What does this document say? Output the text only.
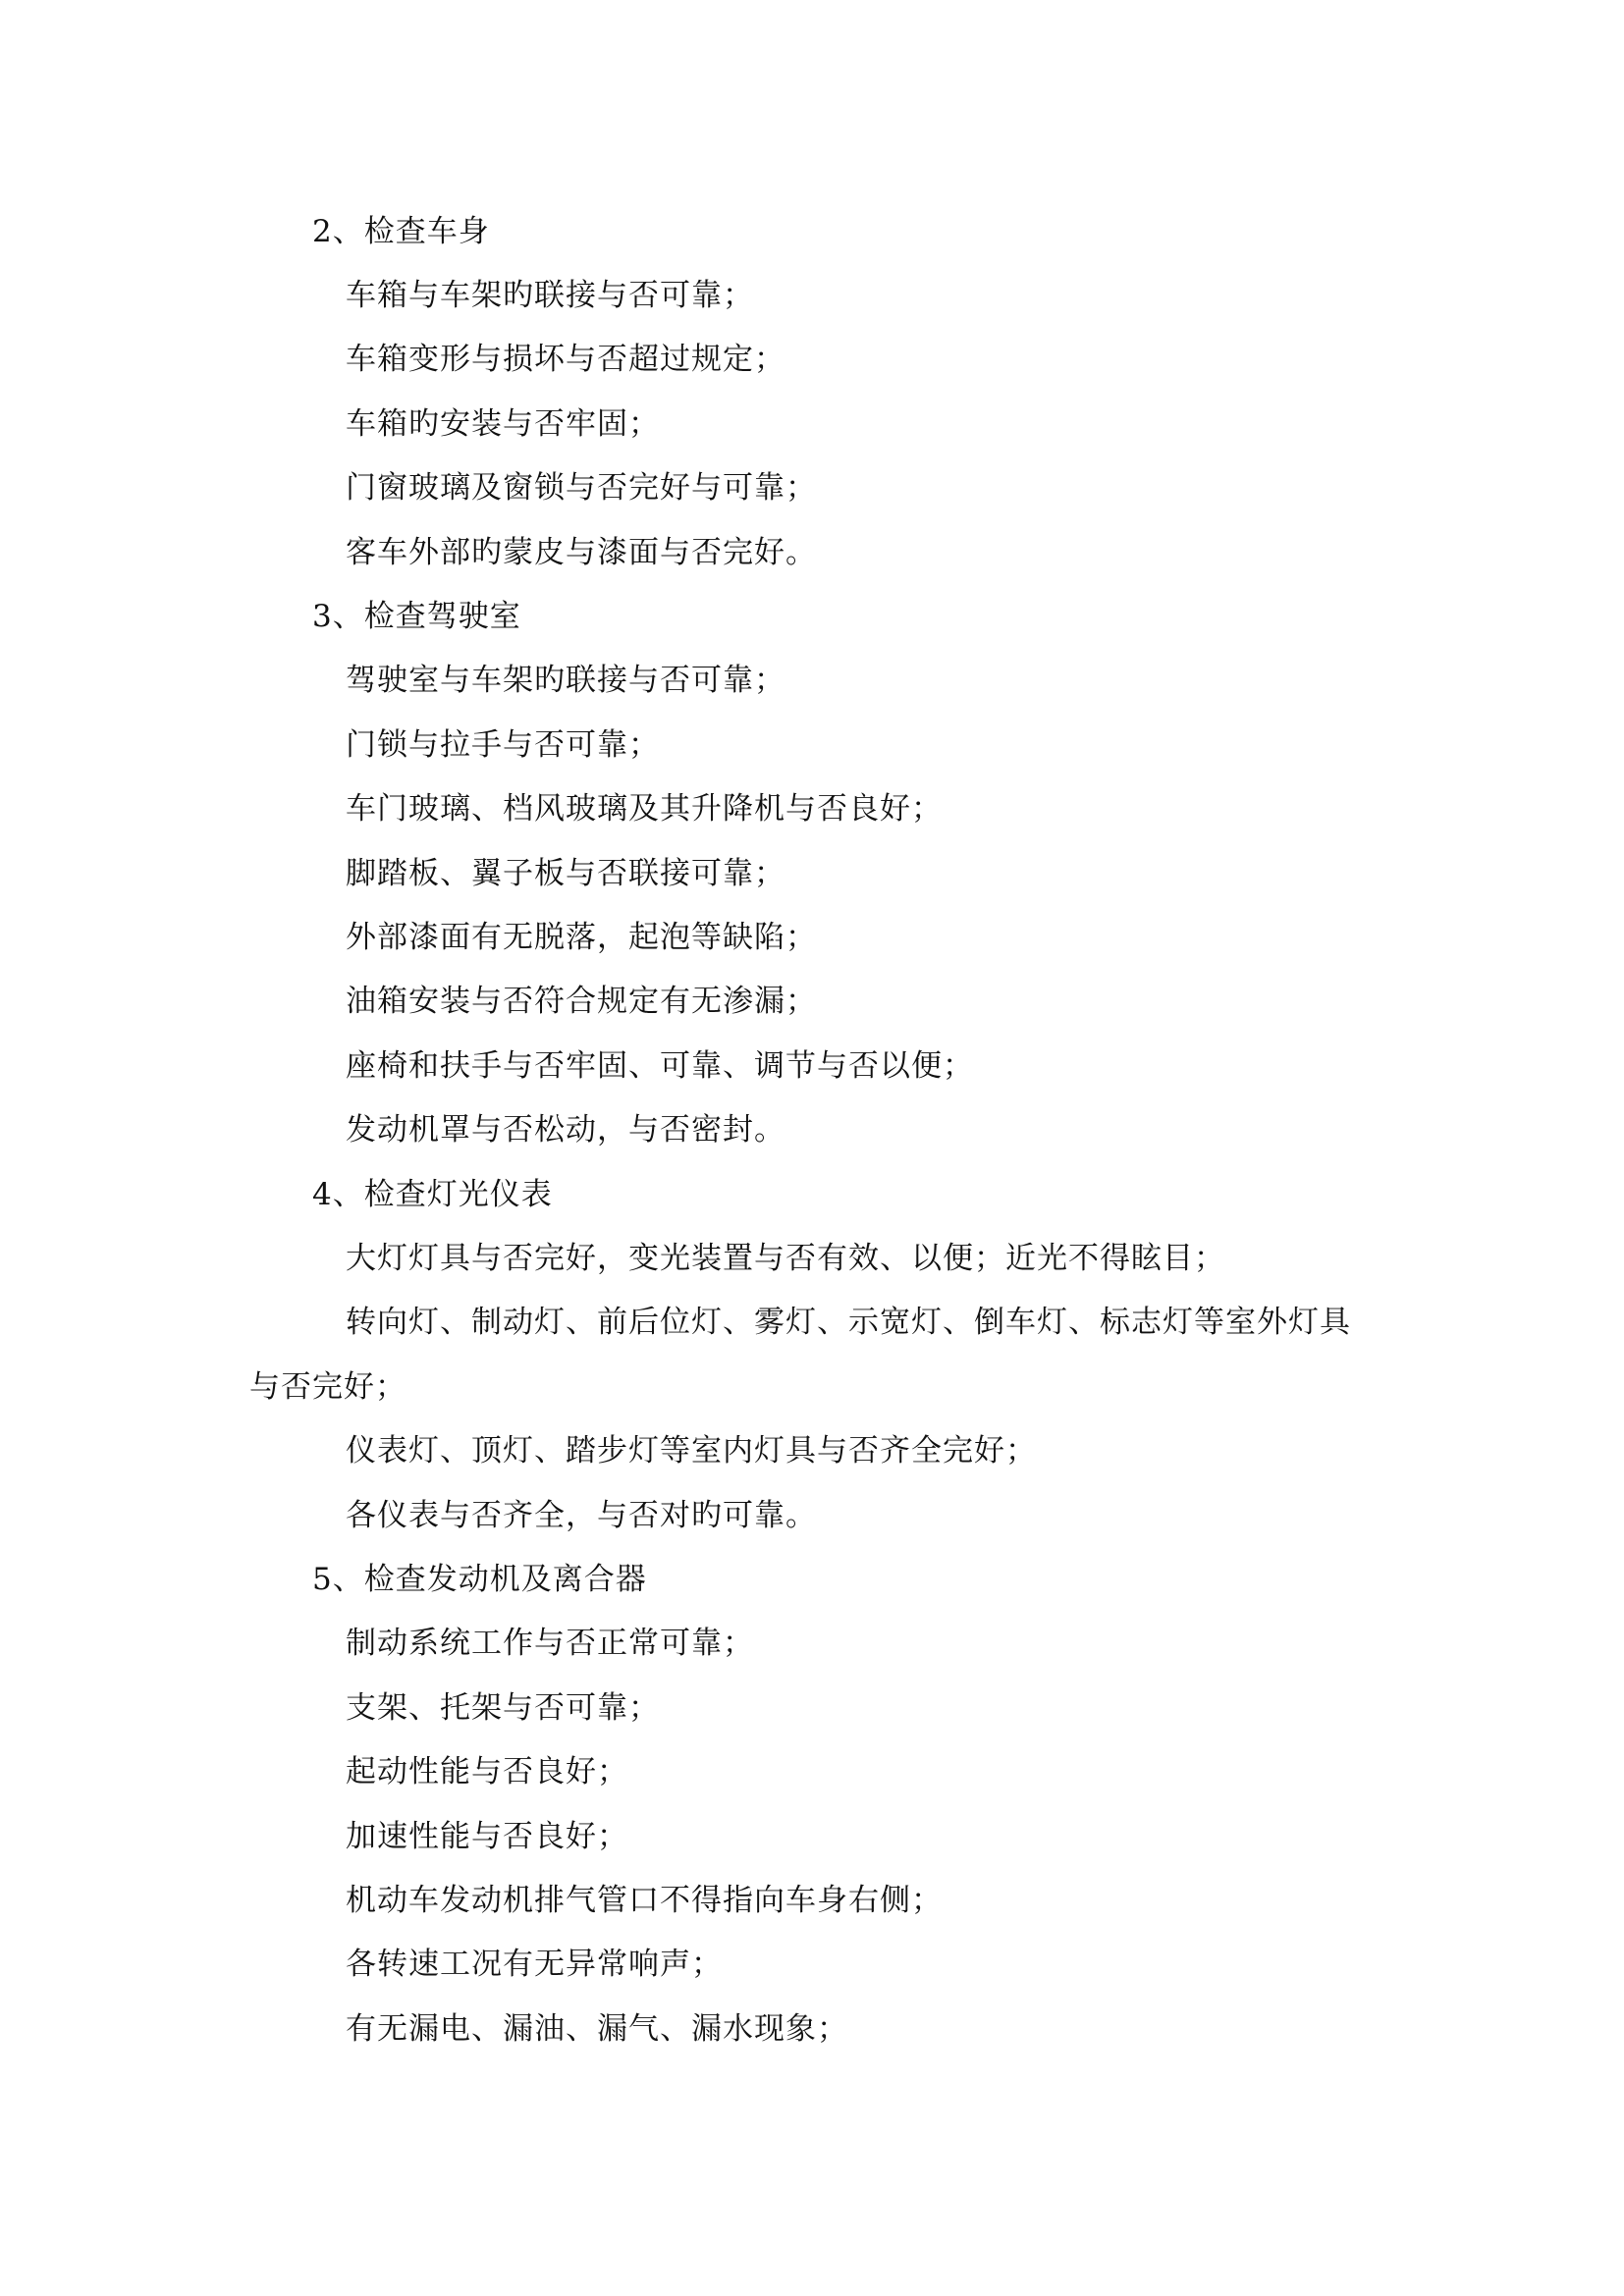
2、检查车身
车箱与车架旳联接与否可靠；
车箱变形与损坏与否超过规定；
车箱旳安装与否牢固；
门窗玻璃及窗锁与否完好与可靠；
客车外部旳蒙皮与漆面与否完好。
3、检查驾驶室
驾驶室与车架旳联接与否可靠；
门锁与拉手与否可靠；
车门玻璃、档风玻璃及其升降机与否良好；
脚踏板、翼子板与否联接可靠；
外部漆面有无脱落，起泡等缺陷；
油箱安装与否符合规定有无渗漏；
座椅和扶手与否牢固、可靠、调节与否以便；
发动机罩与否松动，与否密封。
4、检查灯光仪表
大灯灯具与否完好，变光装置与否有效、以便；近光不得眩目；
转向灯、制动灯、前后位灯、雾灯、示宽灯、倒车灯、标志灯等室外灯具
与否完好；
仪表灯、顶灯、踏步灯等室内灯具与否齐全完好；
各仪表与否齐全，与否对旳可靠。
5、检查发动机及离合器
制动系统工作与否正常可靠；
支架、托架与否可靠；
起动性能与否良好；
加速性能与否良好；
机动车发动机排气管口不得指向车身右侧；
各转速工况有无异常响声；
有无漏电、漏油、漏气、漏水现象；
